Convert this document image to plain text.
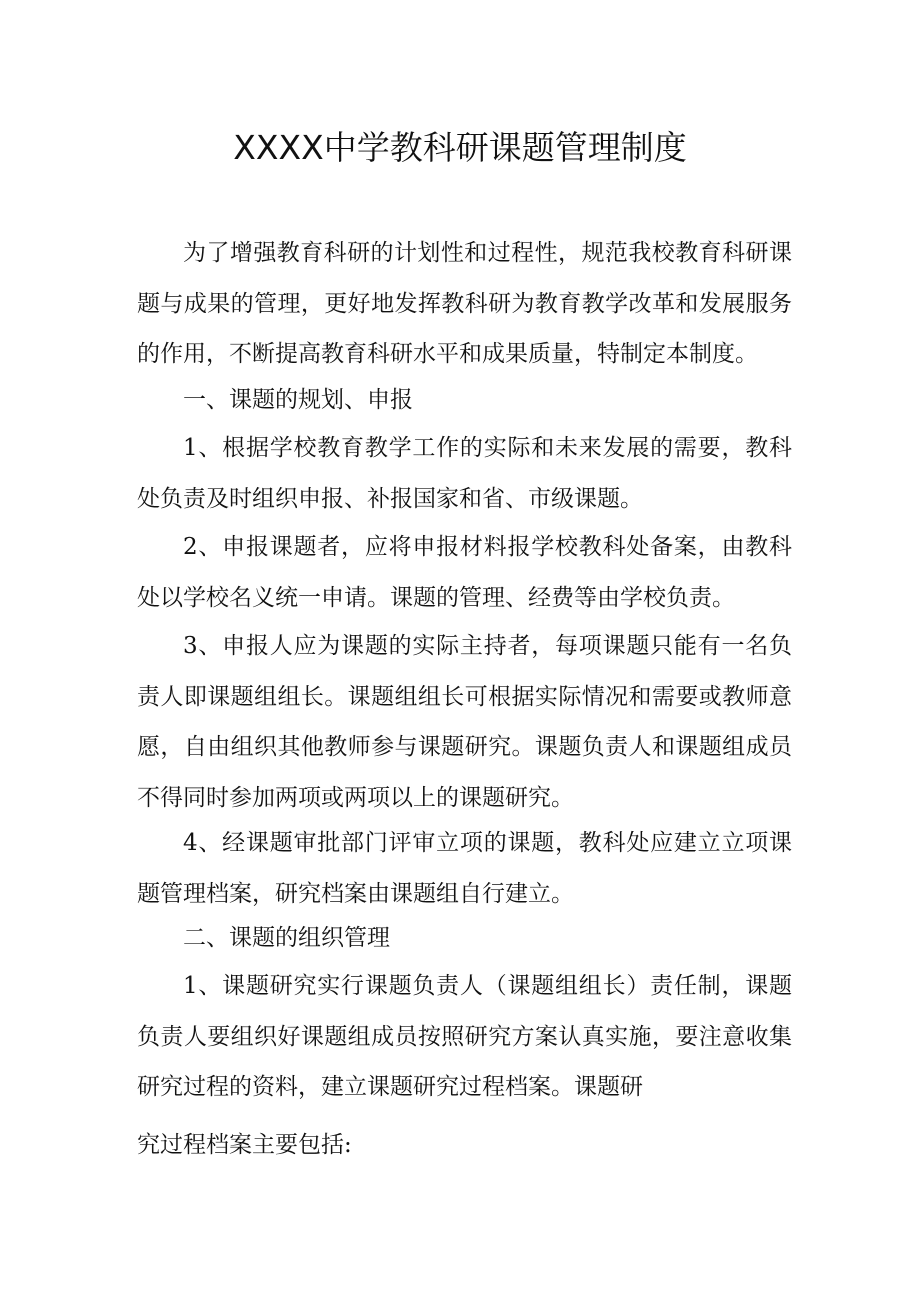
XXXX中学教科研课题管理制度

为了增强教育科研的计划性和过程性，规范我校教育科研课题与成果的管理，更好地发挥教科研为教育教学改革和发展服务的作用，不断提高教育科研水平和成果质量，特制定本制度。

一、课题的规划、申报

1、根据学校教育教学工作的实际和未来发展的需要，教科处负责及时组织申报、补报国家和省、市级课题。

2、申报课题者，应将申报材料报学校教科处备案，由教科处以学校名义统一申请。课题的管理、经费等由学校负责。

3、申报人应为课题的实际主持者，每项课题只能有一名负责人即课题组组长。课题组组长可根据实际情况和需要或教师意愿，自由组织其他教师参与课题研究。课题负责人和课题组成员不得同时参加两项或两项以上的课题研究。

4、经课题审批部门评审立项的课题，教科处应建立立项课题管理档案，研究档案由课题组自行建立。

二、课题的组织管理

1、课题研究实行课题负责人（课题组组长）责任制，课题负责人要组织好课题组成员按照研究方案认真实施，要注意收集研究过程的资料，建立课题研究过程档案。课题研

究过程档案主要包括:
